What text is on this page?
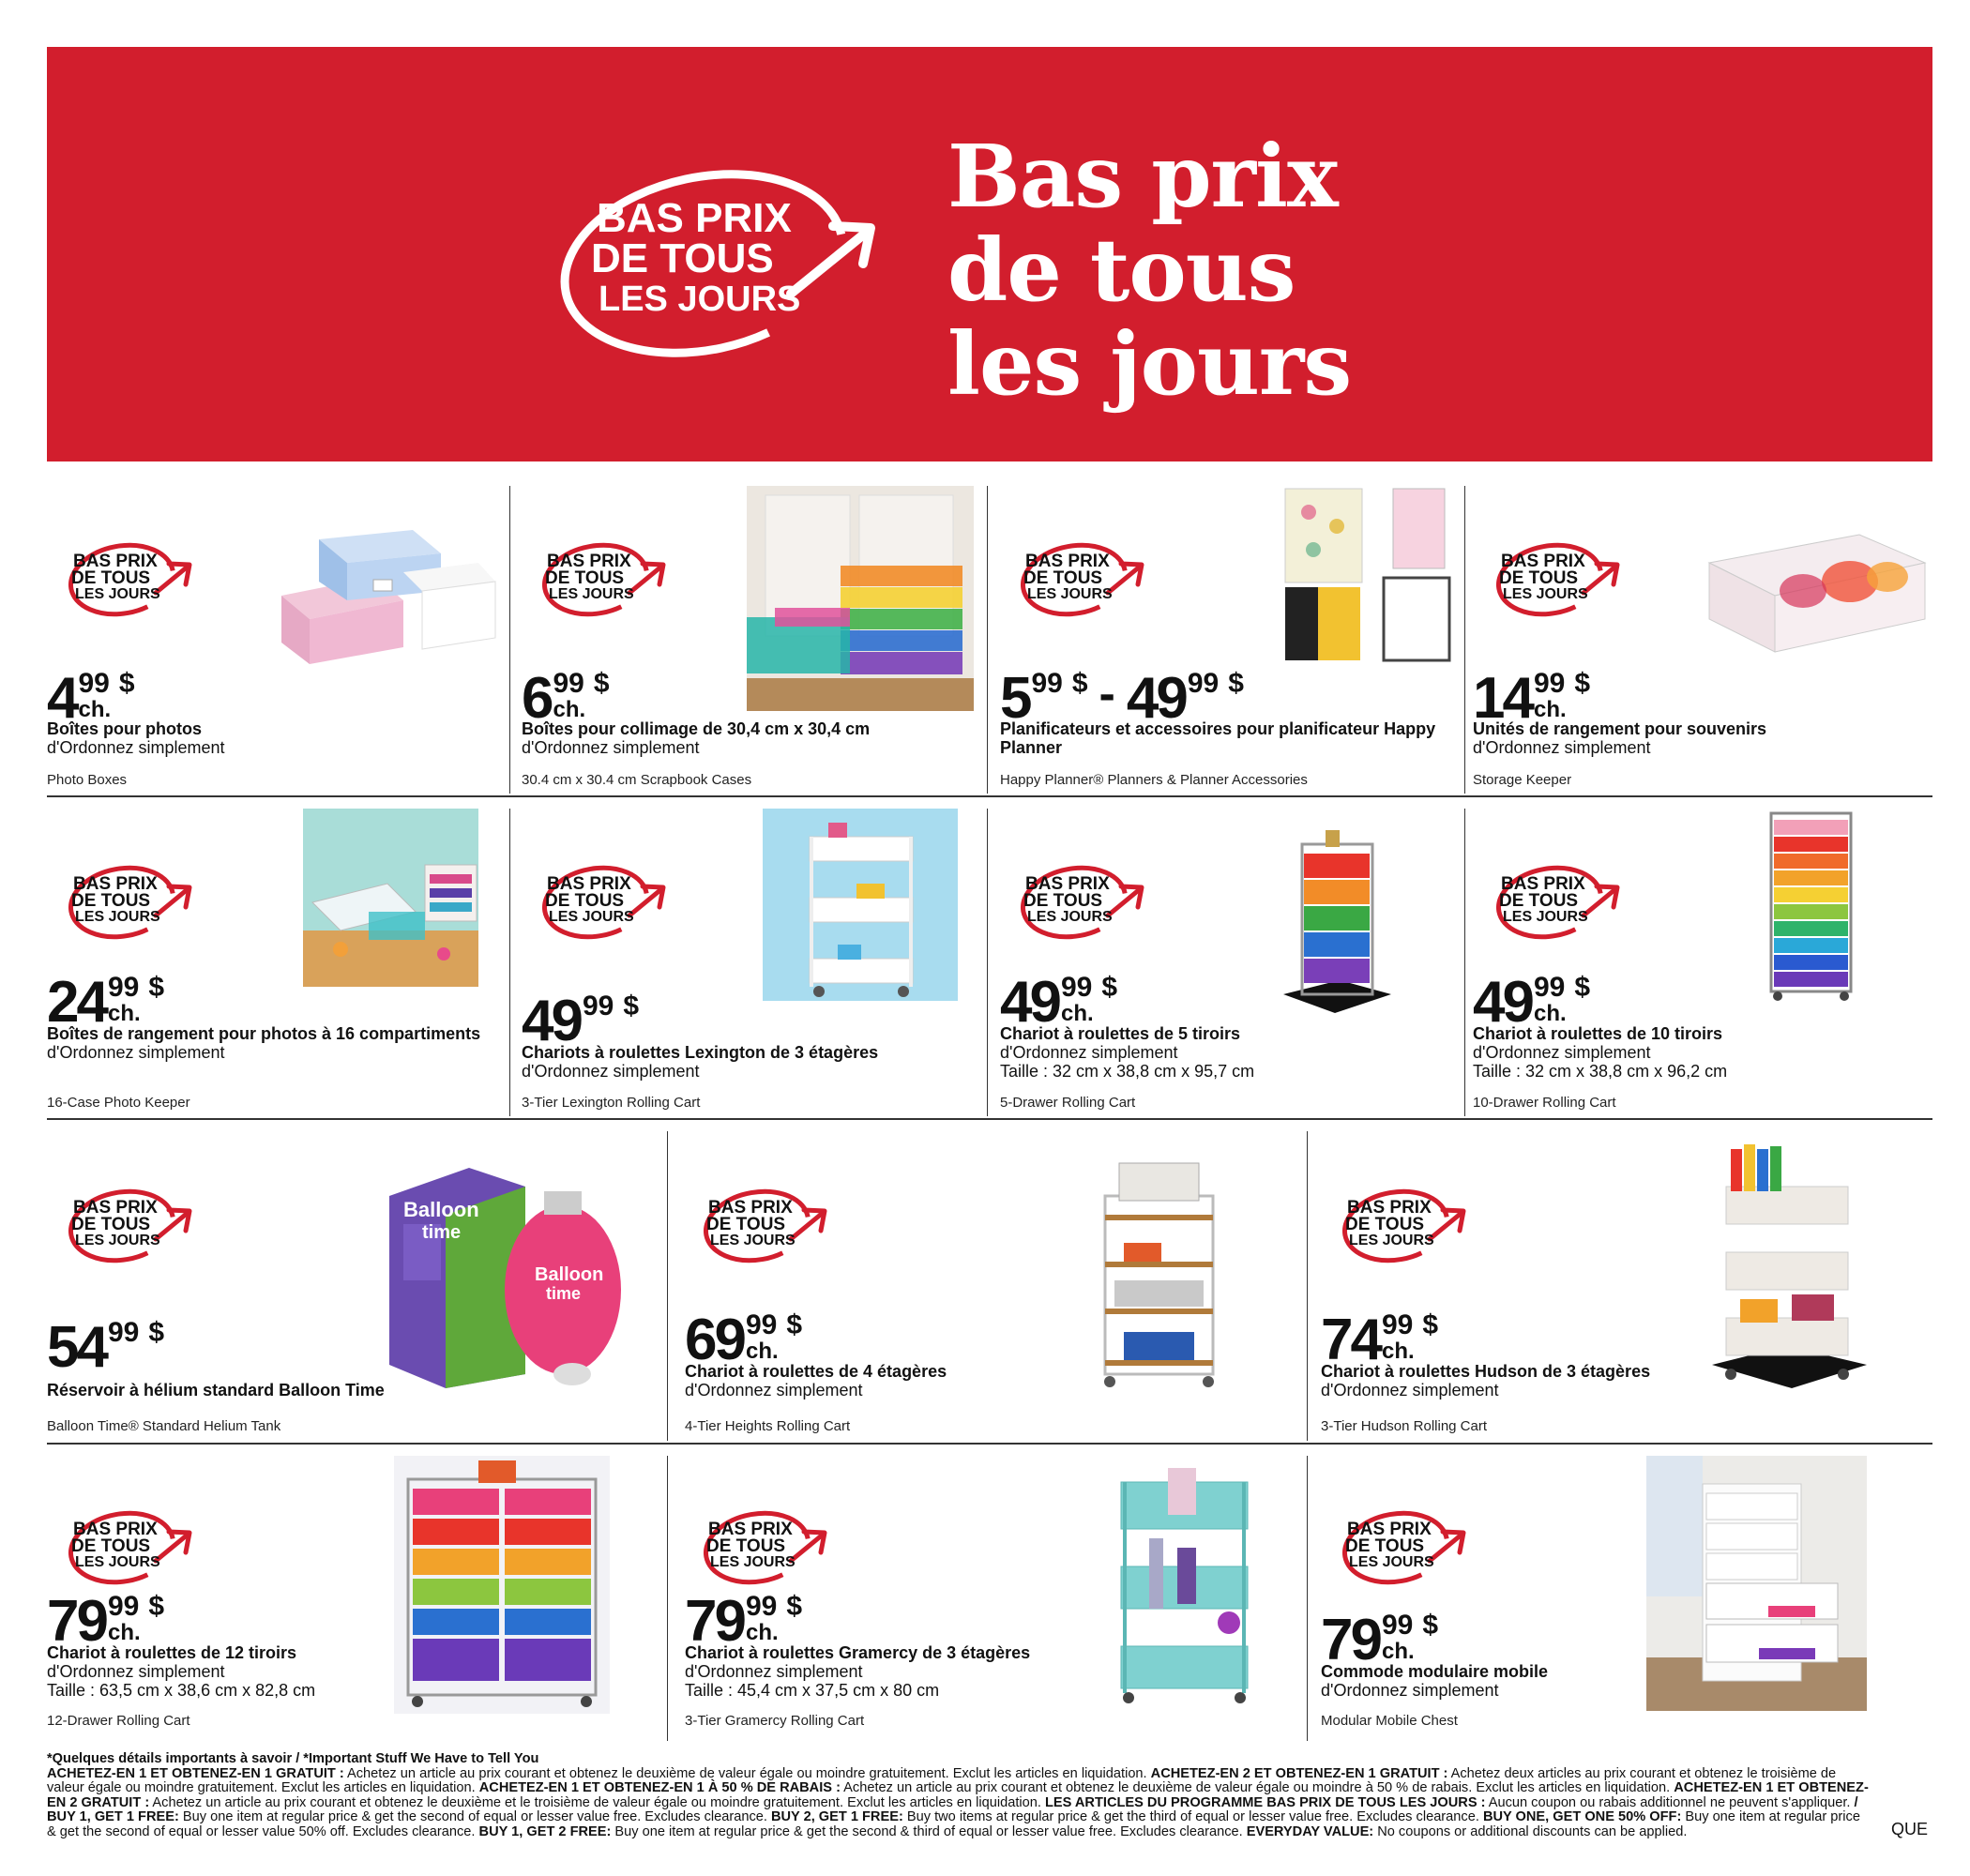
BAS PRIX
DE TOUS
LES JOURS
Bas prix
de tous
les jours
BAS PRIX
DE TOUS
LES JOURS
499
ch.
$
Boîtes pour photos
d'Ordonnez simplement
Photo Boxes
BAS PRIX
DE TOUS
LES JOURS
699
ch.
$
Boîtes pour collimage de 30,4 cm x 30,4 cm
d'Ordonnez simplement
30.4 cm x 30.4 cm Scrapbook Cases
BAS PRIX
DE TOUS
LES JOURS
599 $ - 4999 $
Planificateurs et accessoires pour planificateur Happy Planner
Happy Planner® Planners & Planner Accessories
BAS PRIX
DE TOUS
LES JOURS
1499
ch.
$
Unités de rangement pour souvenirs
d'Ordonnez simplement
Storage Keeper
BAS PRIX
DE TOUS
LES JOURS
2499
ch.
$
Boîtes de rangement pour photos à 16 compartiments
d'Ordonnez simplement
16-Case Photo Keeper
BAS PRIX
DE TOUS
LES JOURS
4999 $
Chariots à roulettes Lexington de 3 étagères
d'Ordonnez simplement
3-Tier Lexington Rolling Cart
BAS PRIX
DE TOUS
LES JOURS
4999
ch.
$
Chariot à roulettes de 5 tiroirs
d'Ordonnez simplement
Taille : 32 cm x 38,8 cm x 95,7 cm
5-Drawer Rolling Cart
BAS PRIX
DE TOUS
LES JOURS
4999
ch.
$
Chariot à roulettes de 10 tiroirs
d'Ordonnez simplement
Taille : 32 cm x 38,8 cm x 96,2 cm
10-Drawer Rolling Cart
BAS PRIX
DE TOUS
LES JOURS
Balloon
time
Balloon
time
5499 $
Réservoir à hélium standard Balloon Time
Balloon Time® Standard Helium Tank
BAS PRIX
DE TOUS
LES JOURS
6999
ch.
$
Chariot à roulettes de 4 étagères
d'Ordonnez simplement
4-Tier Heights Rolling Cart
BAS PRIX
DE TOUS
LES JOURS
7499
ch.
$
Chariot à roulettes Hudson de 3 étagères
d'Ordonnez simplement
3-Tier Hudson Rolling Cart
BAS PRIX
DE TOUS
LES JOURS
7999
ch.
$
Chariot à roulettes de 12 tiroirs
d'Ordonnez simplement
Taille : 63,5 cm x 38,6 cm x 82,8 cm
12-Drawer Rolling Cart
BAS PRIX
DE TOUS
LES JOURS
7999
ch.
$
Chariot à roulettes Gramercy de 3 étagères
d'Ordonnez simplement
Taille : 45,4 cm x 37,5 cm x 80 cm
3-Tier Gramercy Rolling Cart
BAS PRIX
DE TOUS
LES JOURS
7999
ch.
$
Commode modulaire mobile
d'Ordonnez simplement
Modular Mobile Chest
*Quelques détails importants à savoir / *Important Stuff We Have to Tell You
ACHETEZ-EN 1 ET OBTENEZ-EN 1 GRATUIT : Achetez un article au prix courant et obtenez le deuxième de valeur égale ou moindre gratuitement. Exclut les articles en liquidation. ACHETEZ-EN 2 ET OBTENEZ-EN 1 GRATUIT : Achetez deux articles au prix courant et obtenez le troisième de valeur égale ou moindre gratuitement. Exclut les articles en liquidation. ACHETEZ-EN 1 ET OBTENEZ-EN 1 À 50 % DE RABAIS : Achetez un article au prix courant et obtenez le deuxième de valeur égale ou moindre à 50 % de rabais. Exclut les articles en liquidation. ACHETEZ-EN 1 ET OBTENEZ-EN 2 GRATUIT : Achetez un article au prix courant et obtenez le deuxième et le troisième de valeur égale ou moindre gratuitement. Exclut les articles en liquidation. LES ARTICLES DU PROGRAMME BAS PRIX DE TOUS LES JOURS : Aucun coupon ou rabais additionnel ne peuvent s'appliquer. / BUY 1, GET 1 FREE: Buy one item at regular price & get the second of equal or lesser value free. Excludes clearance. BUY 2, GET 1 FREE: Buy two items at regular price & get the third of equal or lesser value free. Excludes clearance. BUY ONE, GET ONE 50% OFF: Buy one item at regular price & get the second of equal or lesser value 50% off. Excludes clearance. BUY 1, GET 2 FREE: Buy one item at regular price & get the second & third of equal or lesser value free. Excludes clearance. EVERYDAY VALUE: No coupons or additional discounts can be applied.	QUE
